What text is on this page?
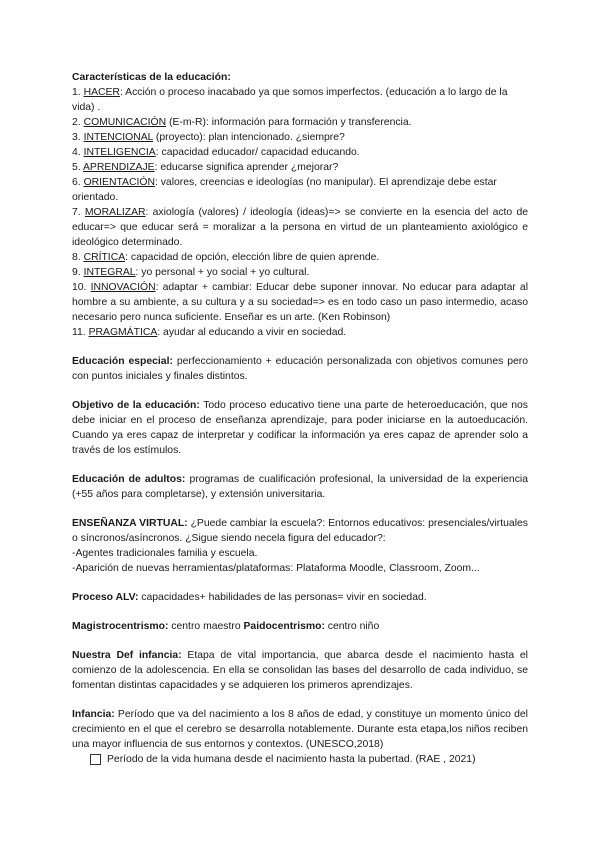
Características de la educación:

1. HACER: Acción o proceso inacabado ya que somos imperfectos. (educación a lo largo de la vida) .

2. COMUNICACIÓN (E-m-R): información para formación y transferencia.

3. INTENCIONAL (proyecto): plan intencionado. ¿siempre?

4. INTELIGENCIA: capacidad educador/ capacidad educando.

5. APRENDIZAJE: educarse significa aprender ¿mejorar?

6. ORIENTACIÓN: valores, creencias e ideologías (no manipular). El aprendizaje debe estar orientado.

7. MORALIZAR: axiología (valores) / ideología (ideas)=> se convierte en la esencia del acto de educar=> que educar será = moralizar a la persona en virtud de un planteamiento axiológico e ideológico determinado.

8. CRÍTICA: capacidad de opción, elección libre de quien aprende.

9. INTEGRAL: yo personal + yo social + yo cultural.

10. INNOVACIÓN: adaptar + cambiar: Educar debe suponer innovar. No educar para adaptar al hombre a su ambiente, a su cultura y a su sociedad=> es en todo caso un paso intermedio, acaso necesario pero nunca suficiente. Enseñar es un arte. (Ken Robinson)

11. PRAGMÁTICA: ayudar al educando a vivir en sociedad.

Educación especial: perfeccionamiento + educación personalizada con objetivos comunes pero con puntos iniciales y finales distintos.

Objetivo de la educación: Todo proceso educativo tiene una parte de heteroeducación, que nos debe iniciar en el proceso de enseñanza aprendizaje, para poder iniciarse en la autoeducación. Cuando ya eres capaz de interpretar y codificar la información ya eres capaz de aprender solo a través de los estímulos.

Educación de adultos: programas de cualificación profesional, la universidad de la experiencia (+55 años para completarse), y extensión universitaria.

ENSEÑANZA VIRTUAL: ¿Puede cambiar la escuela?: Entornos educativos: presenciales/virtuales o síncronos/asíncronos. ¿Sigue siendo necela figura del educador?:

-Agentes tradicionales familia y escuela.

-Aparición de nuevas herramientas/plataformas: Plataforma Moodle, Classroom, Zoom...

Proceso ALV: capacidades+ habilidades de las personas= vivir en sociedad.

Magistrocentrismo: centro maestro Paidocentrismo: centro niño

Nuestra Def infancia: Etapa de vital importancia, que abarca desde el nacimiento hasta el comienzo de la adolescencia. En ella se consolidan las bases del desarrollo de cada individuo, se fomentan distintas capacidades y se adquieren los primeros aprendizajes.

Infancia: Período que va del nacimiento a los 8 años de edad, y constituye un momento único del crecimiento en el que el cerebro se desarrolla notablemente. Durante esta etapa,los niños reciben una mayor influencia de sus entornos y contextos. (UNESCO,2018)

Período de la vida humana desde el nacimiento hasta la pubertad. (RAE , 2021)
